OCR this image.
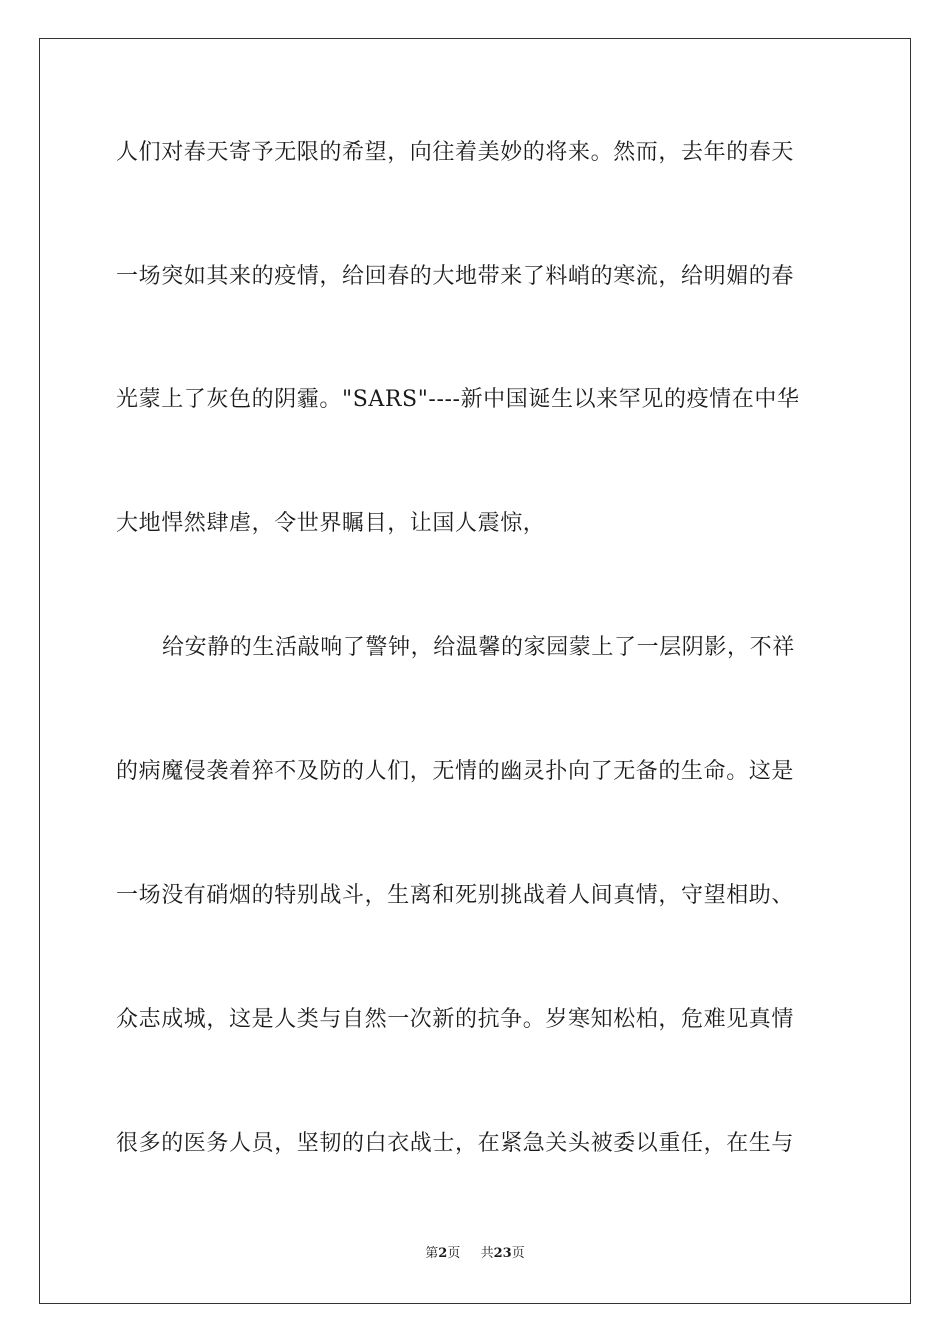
人们对春天寄予无限的希望，向往着美妙的将来。然而，去年的春天
一场突如其来的疫情，给回春的大地带来了料峭的寒流，给明媚的春
光蒙上了灰色的阴霾。"SARS"----新中国诞生以来罕见的疫情在中华
大地悍然肆虐，令世界瞩目，让国人震惊，
给安静的生活敲响了警钟，给温馨的家园蒙上了一层阴影，不祥
的病魔侵袭着猝不及防的人们，无情的幽灵扑向了无备的生命。这是
一场没有硝烟的特别战斗，生离和死别挑战着人间真情，守望相助、
众志成城，这是人类与自然一次新的抗争。岁寒知松柏，危难见真情
很多的医务人员，坚韧的白衣战士，在紧急关头被委以重任，在生与
第2页 共23页
